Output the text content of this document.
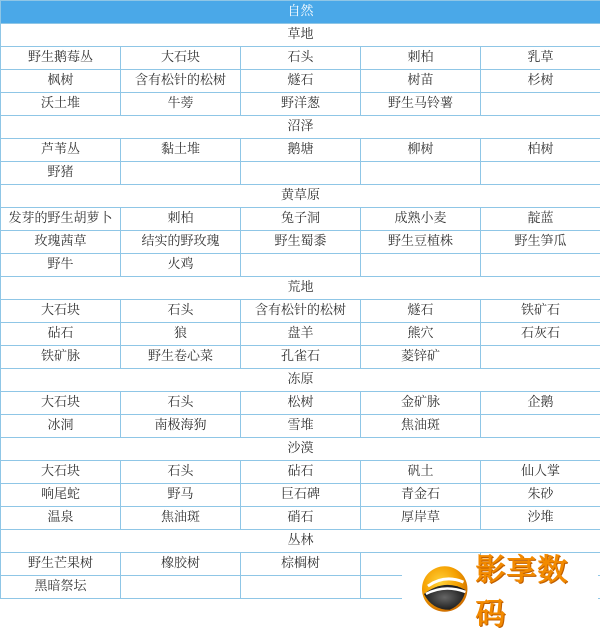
自然				
草地				
野生鹅莓丛	大石块	石头	刺柏	乳草
枫树	含有松针的松树	燧石	树苗	杉树
沃土堆	牛蒡	野洋葱	野生马铃薯	
沼泽				
芦苇丛	黏土堆	鹅塘	柳树	柏树
野猪				
黄草原				
发芽的野生胡萝卜	刺柏	兔子洞	成熟小麦	靛蓝
玫瑰茜草	结实的野玫瑰	野生蜀黍	野生豆植株	野生笋瓜
野牛	火鸡			
荒地				
大石块	石头	含有松针的松树	燧石	铁矿石
砧石	狼	盘羊	熊穴	石灰石
铁矿脉	野生卷心菜	孔雀石	菱锌矿	
冻原				
大石块	石头	松树	金矿脉	企鹅
冰洞	南极海狗	雪堆	焦油斑	
沙漠				
大石块	石头	砧石	矾土	仙人掌
响尾蛇	野马	巨石碑	青金石	朱砂
温泉	焦油斑	硝石	厚岸草	沙堆
丛林				
野生芒果树	橡胶树	棕榈树		
黑暗祭坛					影享数码
